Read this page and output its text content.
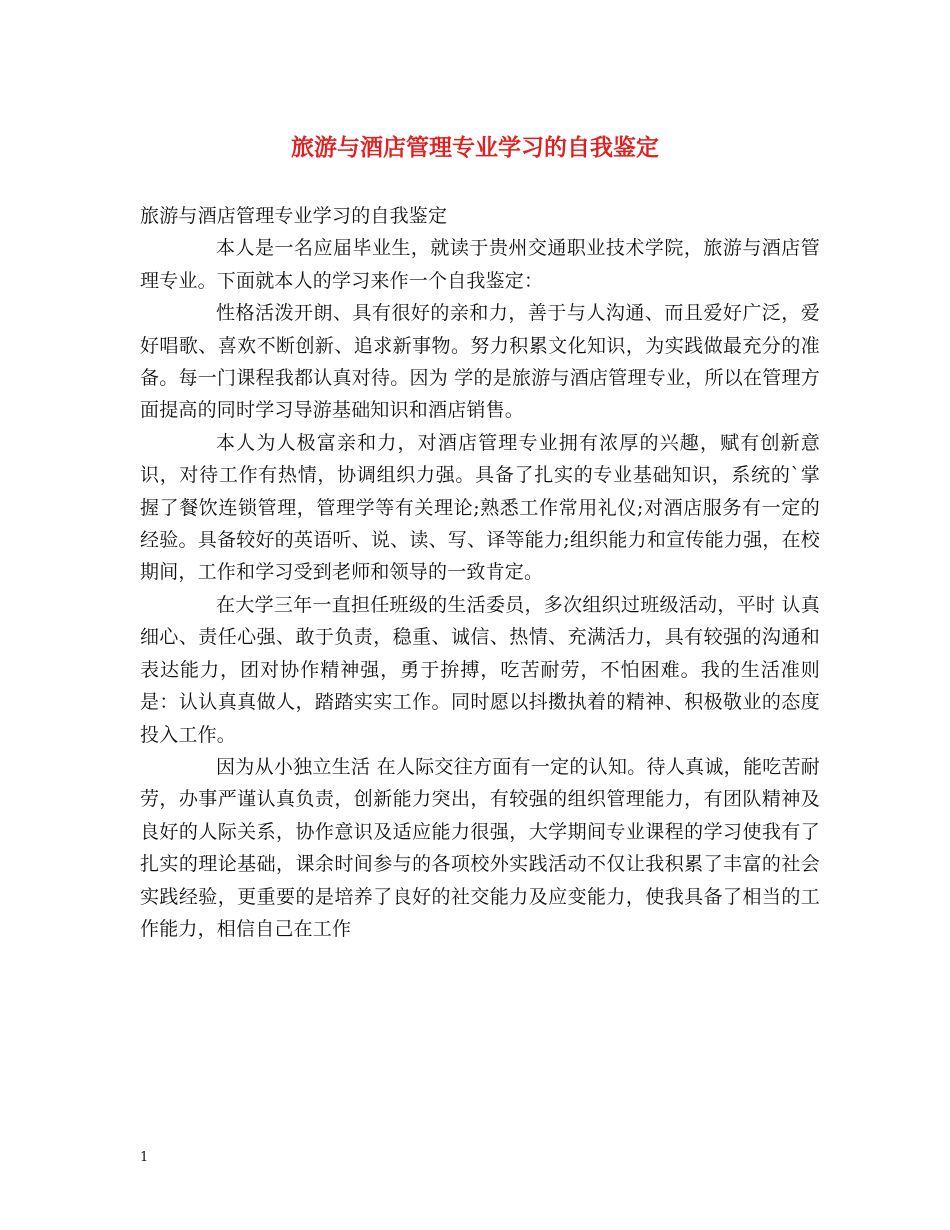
旅游与酒店管理专业学习的自我鉴定

旅游与酒店管理专业学习的自我鉴定

本人是一名应届毕业生，就读于贵州交通职业技术学院，旅游与酒店管理专业。下面就本人的学习来作一个自我鉴定：

性格活泼开朗、具有很好的亲和力，善于与人沟通、而且爱好广泛，爱好唱歌、喜欢不断创新、追求新事物。努力积累文化知识，为实践做最充分的准备。每一门课程我都认真对待。因为 学的是旅游与酒店管理专业，所以在管理方面提高的同时学习导游基础知识和酒店销售。

本人为人极富亲和力，对酒店管理专业拥有浓厚的兴趣，赋有创新意识，对待工作有热情，协调组织力强。具备了扎实的专业基础知识，系统的`掌握了餐饮连锁管理，管理学等有关理论;熟悉工作常用礼仪;对酒店服务有一定的经验。具备较好的英语听、说、读、写、译等能力;组织能力和宣传能力强，在校期间，工作和学习受到老师和领导的一致肯定。

在大学三年一直担任班级的生活委员，多次组织过班级活动，平时 认真细心、责任心强、敢于负责，稳重、诚信、热情、充满活力，具有较强的沟通和表达能力，团对协作精神强，勇于拚搏，吃苦耐劳，不怕困难。我的生活准则是：认认真真做人，踏踏实实工作。同时愿以抖擞执着的精神、积极敬业的态度投入工作。

因为从小独立生活 在人际交往方面有一定的认知。待人真诚，能吃苦耐劳，办事严谨认真负责，创新能力突出，有较强的组织管理能力，有团队精神及良好的人际关系，协作意识及适应能力很强，大学期间专业课程的学习使我有了扎实的理论基础，课余时间参与的各项校外实践活动不仅让我积累了丰富的社会实践经验，更重要的是培养了良好的社交能力及应变能力，使我具备了相当的工作能力，相信自己在工作

1
